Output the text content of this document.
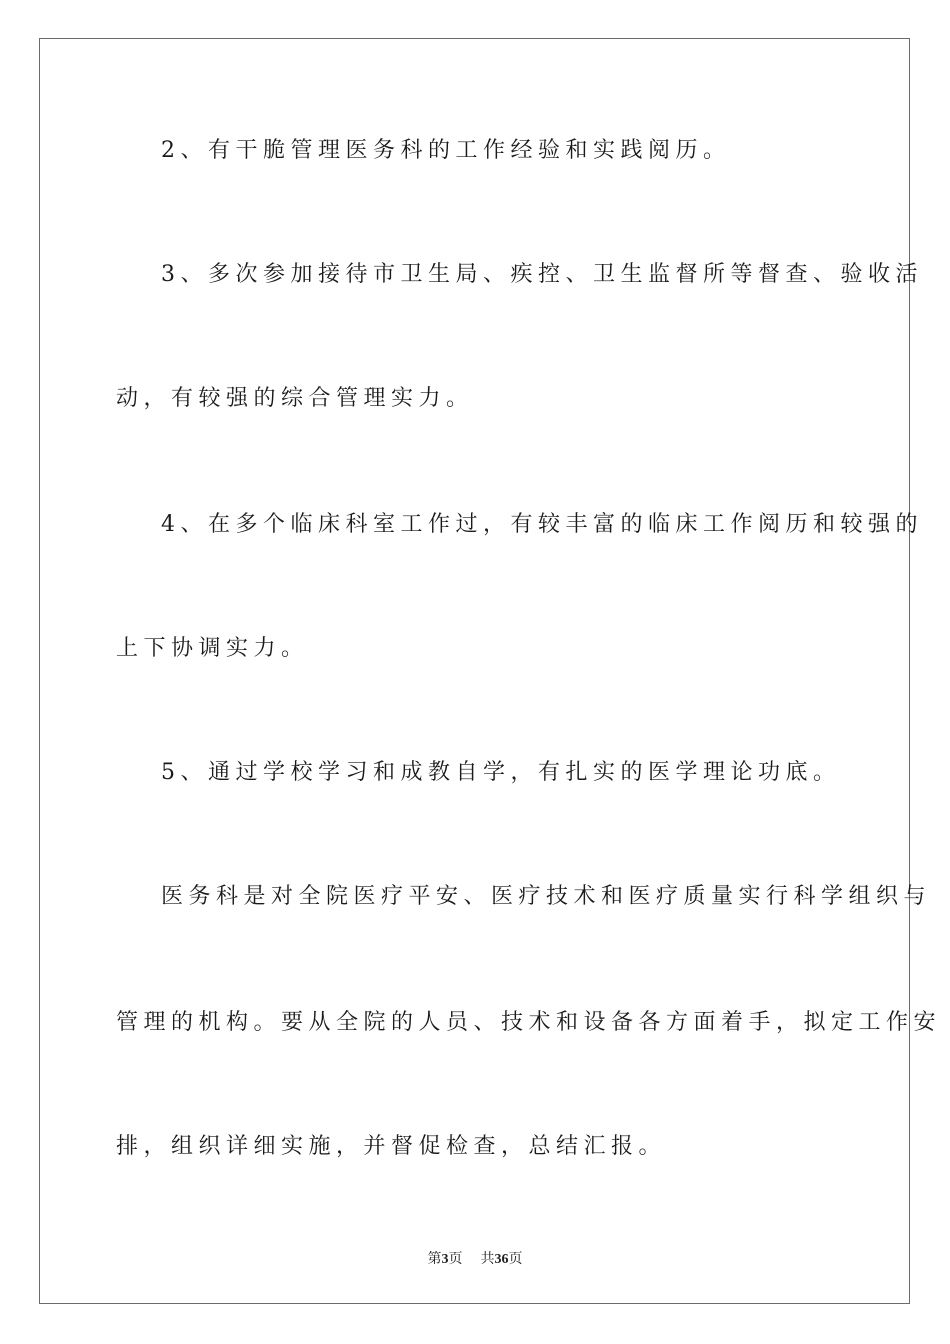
2、有干脆管理医务科的工作经验和实践阅历。
3、多次参加接待市卫生局、疾控、卫生监督所等督查、验收活
动，有较强的综合管理实力。
4、在多个临床科室工作过，有较丰富的临床工作阅历和较强的
上下协调实力。
5、通过学校学习和成教自学，有扎实的医学理论功底。
医务科是对全院医疗平安、医疗技术和医疗质量实行科学组织与
管理的机构。要从全院的人员、技术和设备各方面着手，拟定工作安
排，组织详细实施，并督促检查，总结汇报。
第3页 共36页
